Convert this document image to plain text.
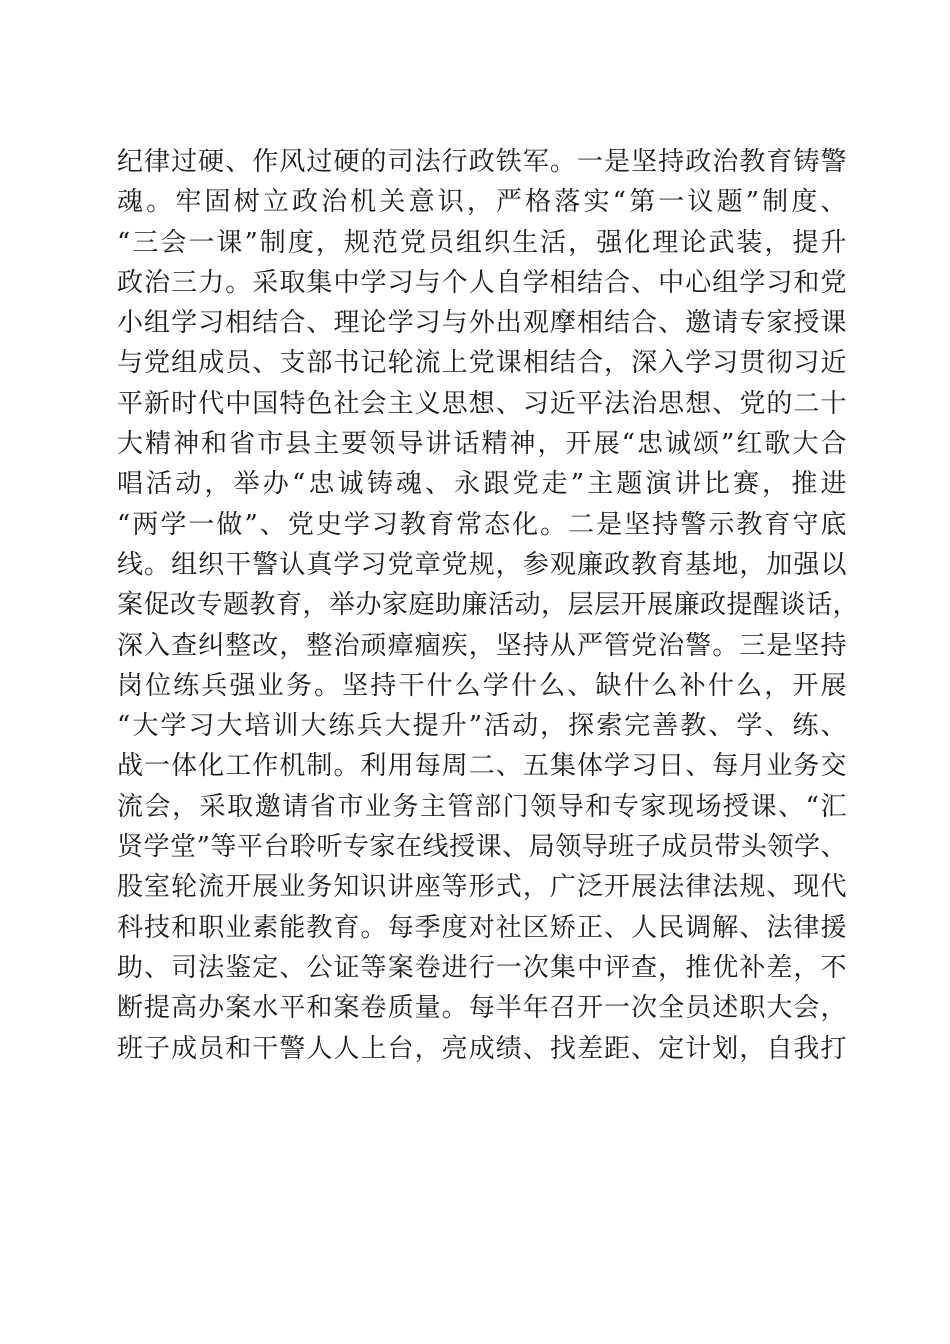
纪律过硬、作风过硬的司法行政铁军。一是坚持政治教育铸警
魂。牢固树立政治机关意识，严格落实“第一议题”制度、
“三会一课”制度，规范党员组织生活，强化理论武装，提升
政治三力。采取集中学习与个人自学相结合、中心组学习和党
小组学习相结合、理论学习与外出观摩相结合、邀请专家授课
与党组成员、支部书记轮流上党课相结合，深入学习贯彻习近
平新时代中国特色社会主义思想、习近平法治思想、党的二十
大精神和省市县主要领导讲话精神，开展“忠诚颂”红歌大合
唱活动，举办“忠诚铸魂、永跟党走”主题演讲比赛，推进
“两学一做”、党史学习教育常态化。二是坚持警示教育守底
线。组织干警认真学习党章党规，参观廉政教育基地，加强以
案促改专题教育，举办家庭助廉活动，层层开展廉政提醒谈话，
深入查纠整改，整治顽瘴痼疾，坚持从严管党治警。三是坚持
岗位练兵强业务。坚持干什么学什么、缺什么补什么，开展
“大学习大培训大练兵大提升”活动，探索完善教、学、练、
战一体化工作机制。利用每周二、五集体学习日、每月业务交
流会，采取邀请省市业务主管部门领导和专家现场授课、“汇
贤学堂”等平台聆听专家在线授课、局领导班子成员带头领学、
股室轮流开展业务知识讲座等形式，广泛开展法律法规、现代
科技和职业素能教育。每季度对社区矫正、人民调解、法律援
助、司法鉴定、公证等案卷进行一次集中评查，推优补差，不
断提高办案水平和案卷质量。每半年召开一次全员述职大会，
班子成员和干警人人上台，亮成绩、找差距、定计划，自我打
